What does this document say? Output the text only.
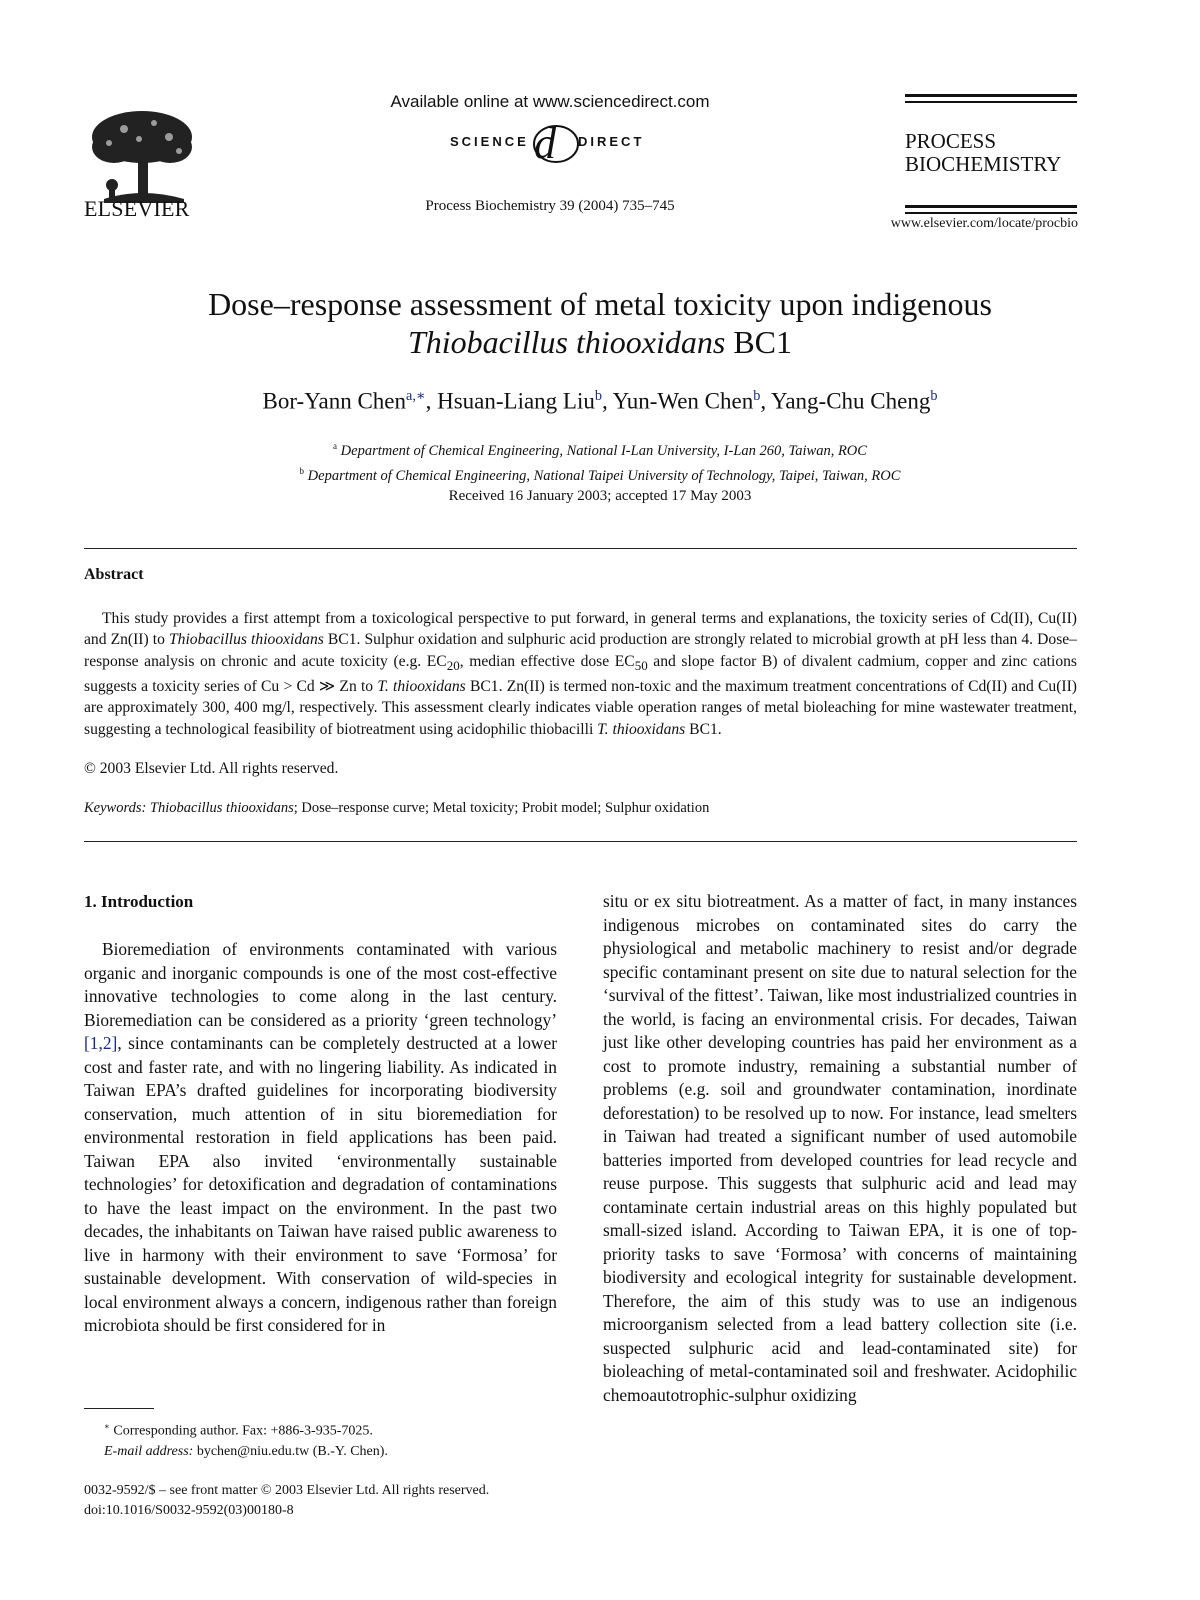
ELSEVIER
Available online at www.sciencedirect.com
SCIENCE d DIRECT
Process Biochemistry 39 (2004) 735–745
PROCESS
BIOCHEMISTRY
www.elsevier.com/locate/procbio
Dose–response assessment of metal toxicity upon indigenous
Thiobacillus thiooxidans BC1
Bor-Yann Chen$^{a,∗}$, Hsuan-Liang Liu$^b$, Yun-Wen Chen$^b$, Yang-Chu Cheng$^b$
$^a$ Department of Chemical Engineering, National I-Lan University, I-Lan 260, Taiwan, ROC
$^b$ Department of Chemical Engineering, National Taipei University of Technology, Taipei, Taiwan, ROC
Received 16 January 2003; accepted 17 May 2003
Abstract

This study provides a first attempt from a toxicological perspective to put forward, in general terms and explanations, the toxicity series of Cd(II), Cu(II) and Zn(II) to Thiobacillus thiooxidans BC1. Sulphur oxidation and sulphuric acid production are strongly related to microbial growth at pH less than 4. Dose–response analysis on chronic and acute toxicity (e.g. $EC_{20}$, median effective dose $EC_{50}$ and slope factor B) of divalent cadmium, copper and zinc cations suggests a toxicity series of Cu > Cd ≫ Zn to T. thiooxidans BC1. Zn(II) is termed non-toxic and the maximum treatment concentrations of Cd(II) and Cu(II) are approximately 300, 400 mg/l, respectively. This assessment clearly indicates viable operation ranges of metal bioleaching for mine wastewater treatment, suggesting a technological feasibility of biotreatment using acidophilic thiobacilli T. thiooxidans BC1.

© 2003 Elsevier Ltd. All rights reserved.
Keywords: Thiobacillus thiooxidans; Dose–response curve; Metal toxicity; Probit model; Sulphur oxidation
1. Introduction
Bioremediation of environments contaminated with various organic and inorganic compounds is one of the most cost-effective innovative technologies to come along in the last century. Bioremediation can be considered as a priority ‘green technology’ [1,2], since contaminants can be completely destructed at a lower cost and faster rate, and with no lingering liability. As indicated in Taiwan EPA’s drafted guidelines for incorporating biodiversity conservation, much attention of in situ bioremediation for environmental restoration in field applications has been paid. Taiwan EPA also invited ‘environmentally sustainable technologies’ for detoxification and degradation of contaminations to have the least impact on the environment. In the past two decades, the inhabitants on Taiwan have raised public awareness to live in harmony with their environment to save ‘Formosa’ for sustainable development. With conservation of wild-species in local environment always a concern, indigenous rather than foreign microbiota should be first considered for in
situ or ex situ biotreatment. As a matter of fact, in many instances indigenous microbes on contaminated sites do carry the physiological and metabolic machinery to resist and/or degrade specific contaminant present on site due to natural selection for the ‘survival of the fittest’. Taiwan, like most industrialized countries in the world, is facing an environmental crisis. For decades, Taiwan just like other developing countries has paid her environment as a cost to promote industry, remaining a substantial number of problems (e.g. soil and groundwater contamination, inordinate deforestation) to be resolved up to now. For instance, lead smelters in Taiwan had treated a significant number of used automobile batteries imported from developed countries for lead recycle and reuse purpose. This suggests that sulphuric acid and lead may contaminate certain industrial areas on this highly populated but small-sized island. According to Taiwan EPA, it is one of top-priority tasks to save ‘Formosa’ with concerns of maintaining biodiversity and ecological integrity for sustainable development. Therefore, the aim of this study was to use an indigenous microorganism selected from a lead battery collection site (i.e. suspected sulphuric acid and lead-contaminated site) for bioleaching of metal-contaminated soil and freshwater. Acidophilic chemoautotrophic-sulphur oxidizing
∗ Corresponding author. Fax: +886-3-935-7025.
E-mail address: bychen@niu.edu.tw (B.-Y. Chen).
0032-9592/$ – see front matter © 2003 Elsevier Ltd. All rights reserved.
doi:10.1016/S0032-9592(03)00180-8
